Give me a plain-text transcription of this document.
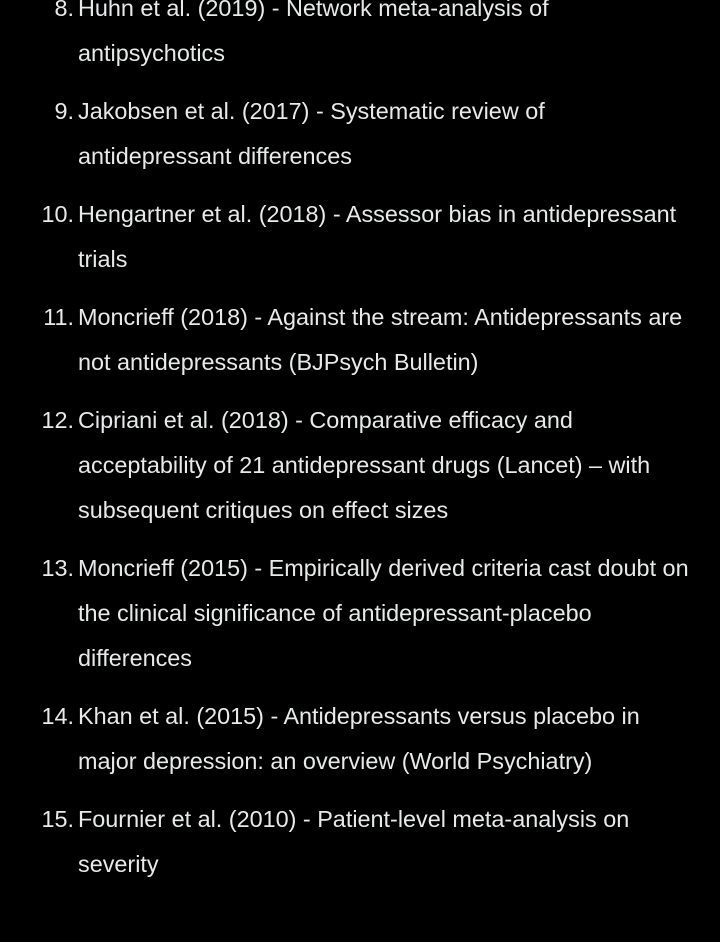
8. Huhn et al. (2019) - Network meta-analysis of antipsychotics
9. Jakobsen et al. (2017) - Systematic review of antidepressant differences
10. Hengartner et al. (2018) - Assessor bias in antidepressant trials
11. Moncrieff (2018) - Against the stream: Antidepressants are not antidepressants (BJPsych Bulletin)
12. Cipriani et al. (2018) - Comparative efficacy and acceptability of 21 antidepressant drugs (Lancet) – with subsequent critiques on effect sizes
13. Moncrieff (2015) - Empirically derived criteria cast doubt on the clinical significance of antidepressant-placebo differences
14. Khan et al. (2015) - Antidepressants versus placebo in major depression: an overview (World Psychiatry)
15. Fournier et al. (2010) - Patient-level meta-analysis on severity
